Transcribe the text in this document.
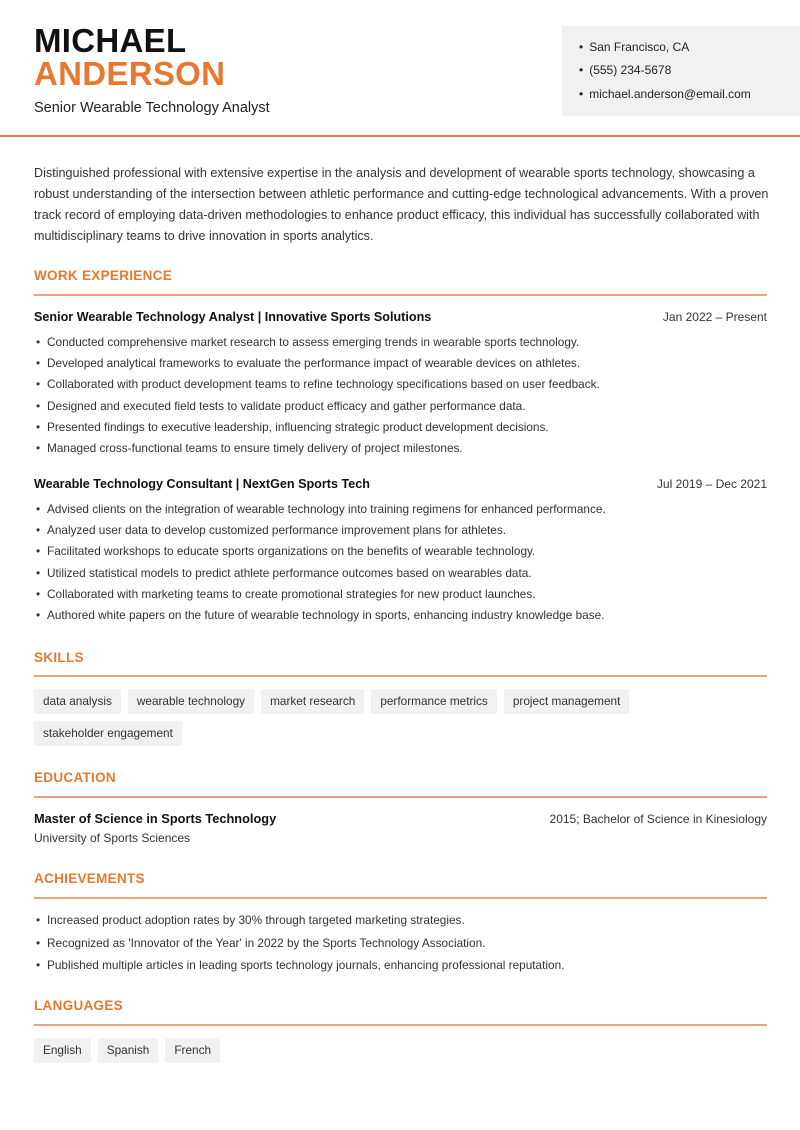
MICHAEL
ANDERSON
Senior Wearable Technology Analyst
• San Francisco, CA
• (555) 234-5678
• michael.anderson@email.com
Distinguished professional with extensive expertise in the analysis and development of wearable sports technology, showcasing a robust understanding of the intersection between athletic performance and cutting-edge technological advancements. With a proven track record of employing data-driven methodologies to enhance product efficacy, this individual has successfully collaborated with multidisciplinary teams to drive innovation in sports analytics.
WORK EXPERIENCE
Senior Wearable Technology Analyst | Innovative Sports Solutions	Jan 2022 – Present
• Conducted comprehensive market research to assess emerging trends in wearable sports technology.
• Developed analytical frameworks to evaluate the performance impact of wearable devices on athletes.
• Collaborated with product development teams to refine technology specifications based on user feedback.
• Designed and executed field tests to validate product efficacy and gather performance data.
• Presented findings to executive leadership, influencing strategic product development decisions.
• Managed cross-functional teams to ensure timely delivery of project milestones.
Wearable Technology Consultant | NextGen Sports Tech	Jul 2019 – Dec 2021
• Advised clients on the integration of wearable technology into training regimens for enhanced performance.
• Analyzed user data to develop customized performance improvement plans for athletes.
• Facilitated workshops to educate sports organizations on the benefits of wearable technology.
• Utilized statistical models to predict athlete performance outcomes based on wearables data.
• Collaborated with marketing teams to create promotional strategies for new product launches.
• Authored white papers on the future of wearable technology in sports, enhancing industry knowledge base.
SKILLS
data analysis wearable technology market research performance metrics project managementstakeholder engagement
EDUCATION
Master of Science in Sports Technology	2015; Bachelor of Science in Kinesiology
University of Sports Sciences
ACHIEVEMENTS
• Increased product adoption rates by 30% through targeted marketing strategies.
• Recognized as 'Innovator of the Year' in 2022 by the Sports Technology Association.
• Published multiple articles in leading sports technology journals, enhancing professional reputation.
LANGUAGES
English Spanish French
